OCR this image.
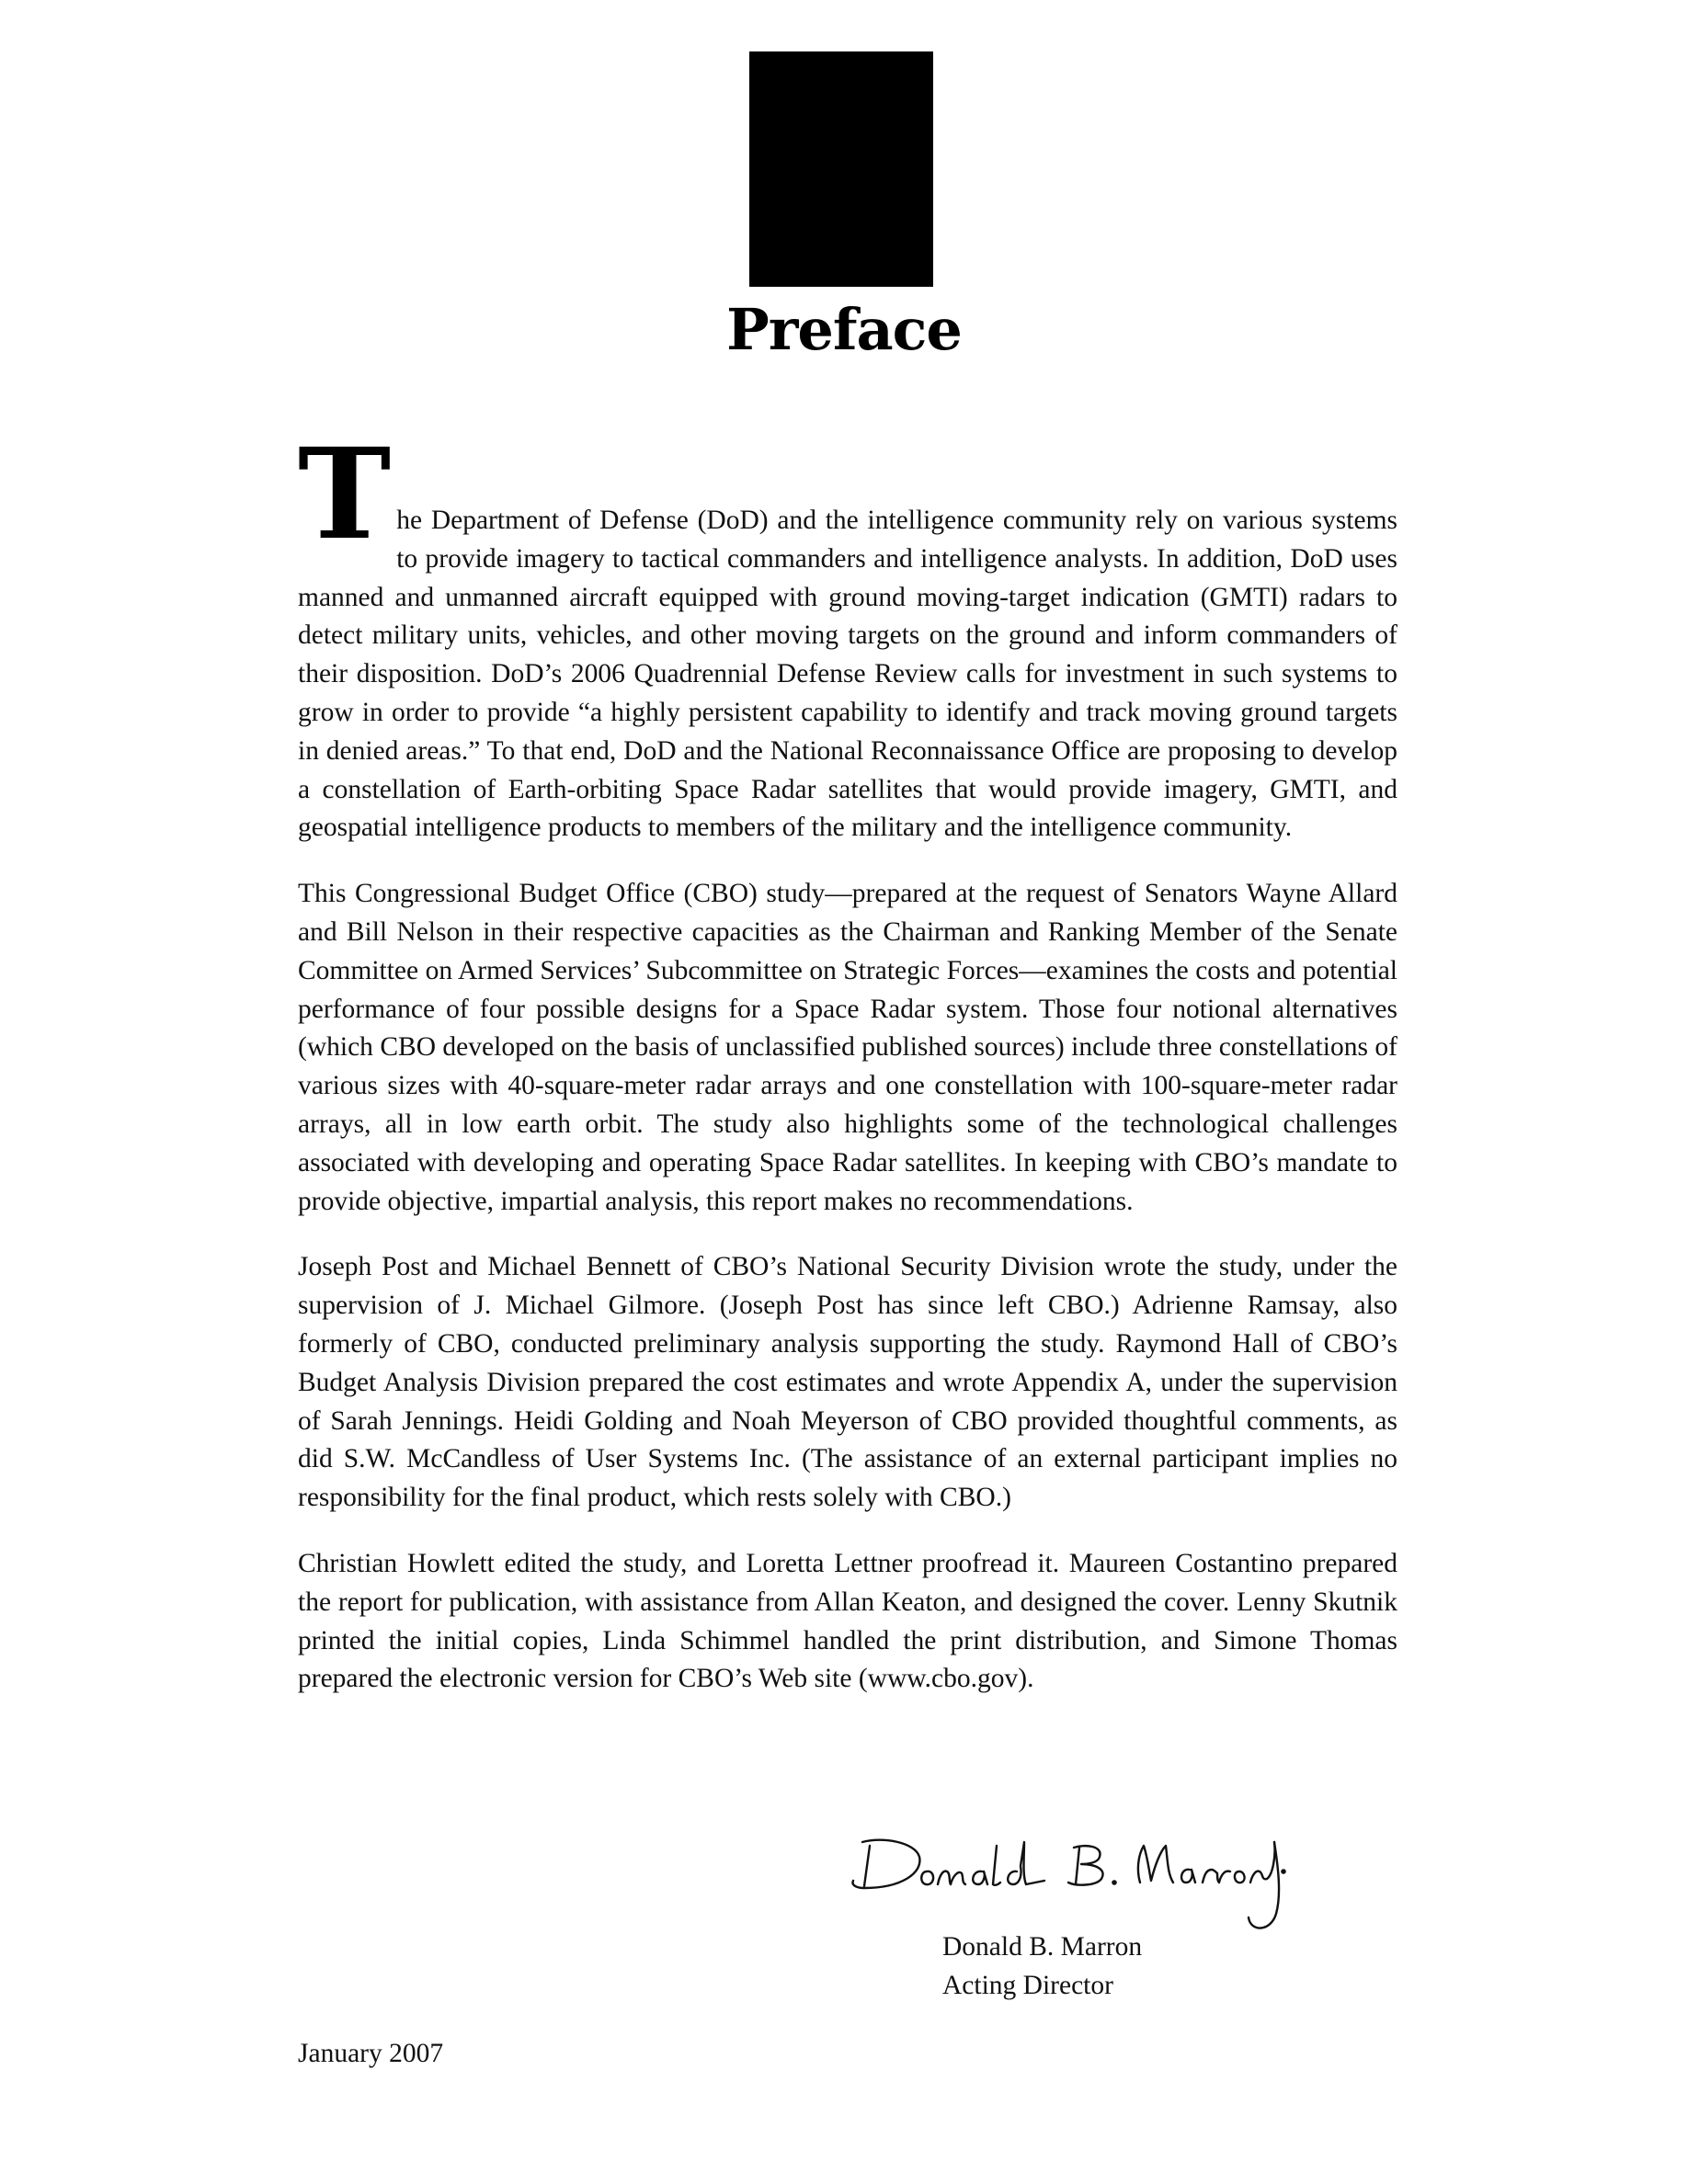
Preface

The Department of Defense (DoD) and the intelligence community rely on various systems to provide imagery to tactical commanders and intelligence analysts. In addition, DoD uses manned and unmanned aircraft equipped with ground moving-target indication (GMTI) radars to detect military units, vehicles, and other moving targets on the ground and inform commanders of their disposition. DoD’s 2006 Quadrennial Defense Review calls for investment in such systems to grow in order to provide “a highly persistent capability to identify and track moving ground targets in denied areas.” To that end, DoD and the National Reconnaissance Office are proposing to develop a constellation of Earth-orbiting Space Radar satellites that would provide imagery, GMTI, and geospatial intelligence products to members of the military and the intelligence community.

This Congressional Budget Office (CBO) study—prepared at the request of Senators Wayne Allard and Bill Nelson in their respective capacities as the Chairman and Ranking Member of the Senate Committee on Armed Services’ Subcommittee on Strategic Forces—examines the costs and potential performance of four possible designs for a Space Radar system. Those four notional alternatives (which CBO developed on the basis of unclassified published sources) include three constellations of various sizes with 40-square-meter radar arrays and one constellation with 100-square-meter radar arrays, all in low earth orbit. The study also highlights some of the technological challenges associated with developing and operating Space Radar satellites. In keeping with CBO’s mandate to provide objective, impartial analysis, this report makes no recommendations.

Joseph Post and Michael Bennett of CBO’s National Security Division wrote the study, under the supervision of J. Michael Gilmore. (Joseph Post has since left CBO.) Adrienne Ramsay, also formerly of CBO, conducted preliminary analysis supporting the study. Raymond Hall of CBO’s Budget Analysis Division prepared the cost estimates and wrote Appendix A, under the supervision of Sarah Jennings. Heidi Golding and Noah Meyerson of CBO provided thoughtful comments, as did S.W. McCandless of User Systems Inc. (The assistance of an external participant implies no responsibility for the final product, which rests solely with CBO.)

Christian Howlett edited the study, and Loretta Lettner proofread it. Maureen Costantino prepared the report for publication, with assistance from Allan Keaton, and designed the cover. Lenny Skutnik printed the initial copies, Linda Schimmel handled the print distribution, and Simone Thomas prepared the electronic version for CBO’s Web site (www.cbo.gov).

Donald B. Marron
Acting Director
January 2007
